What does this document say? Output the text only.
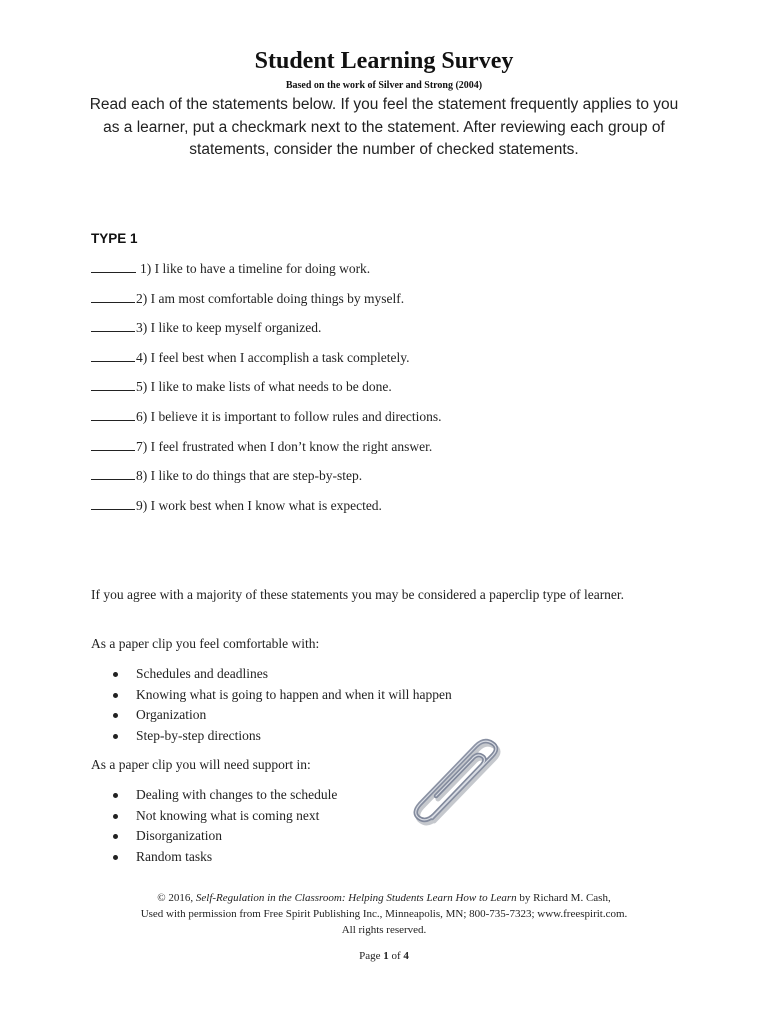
Student Learning Survey
Based on the work of Silver and Strong (2004)
Read each of the statements below. If you feel the statement frequently applies to you as a learner, put a checkmark next to the statement. After reviewing each group of statements, consider the number of checked statements.
TYPE 1
1) I like to have a timeline for doing work.
2) I am most comfortable doing things by myself.
3) I like to keep myself organized.
4) I feel best when I accomplish a task completely.
5) I like to make lists of what needs to be done.
6) I believe it is important to follow rules and directions.
7) I feel frustrated when I don’t know the right answer.
8) I like to do things that are step-by-step.
9) I work best when I know what is expected.
If you agree with a majority of these statements you may be considered a paperclip type of learner.
As a paper clip you feel comfortable with:
Schedules and deadlines
Knowing what is going to happen and when it will happen
Organization
Step-by-step directions
As a paper clip you will need support in:
Dealing with changes to the schedule
Not knowing what is coming next
Disorganization
Random tasks
© 2016, Self-Regulation in the Classroom: Helping Students Learn How to Learn by Richard M. Cash,
Used with permission from Free Spirit Publishing Inc., Minneapolis, MN; 800-735-7323; www.freespirit.com.
All rights reserved.
Page 1 of 4
